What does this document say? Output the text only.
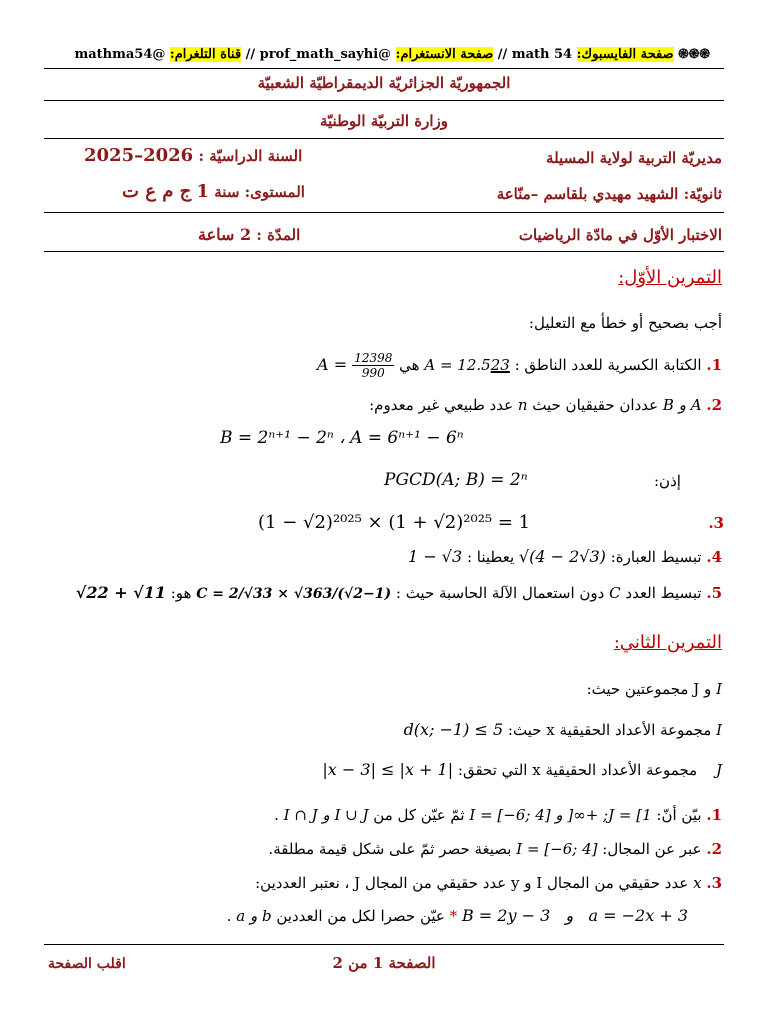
֎֎֎ صفحة الفايسبوك: math 54 // صفحة الانستغرام: @prof_math_sayhi // قناة التلغرام: @mathma54
الجمهوريّة الجزائريّة الديمقراطيّة الشعبيّة
وزارة التربيّة الوطنيّة
مديريّة التربية لولاية المسيلة
السنة الدراسيّة : 2026–2025
ثانويّة: الشهيد مهيدي بلقاسم –منّاعة
المستوى: سنة 1 ج م ع ت
الاختبار الأوّل في مادّة الرياضيات
المدّة : 2 ساعة
التمرين الأوّل:
أجب بصحيح أو خطأ مع التعليل:
1. الكتابة الكسرية للعدد الناطق : A = 12.523 هي $A = \frac{12398}{990}$
2. A و B عددان حقيقيان حيث n عدد طبيعي غير معدوم:
B = 2ⁿ⁺¹ − 2ⁿ ، A = 6ⁿ⁺¹ − 6ⁿ
إذن:
PGCD(A; B) = 2ⁿ
(1 − √2)²⁰²⁵ × (1 + √2)²⁰²⁵ = 1	.3
4. تبسيط العبارة: √(4 − 2√3) يعطينا : 1 − √3
5. تبسيط العدد C دون استعمال الآلة الحاسبة حيث : C = 2/√33 × √363/(√2−1) هو: √22 + √11
التمرين الثاني:
I و J مجموعتين حيث:
I مجموعة الأعداد الحقيقية x حيث: d(x; −1) ≤ 5
J مجموعة الأعداد الحقيقية x التي تحقق: |x − 3| ≤ |x + 1|
1. بيّن أنّ: J = [1; +∞[ و I = [−6; 4] ثمّ عيّن كل من I ∪ J و I ∩ J .
2. عبر عن المجال: I = [−6; 4] بصيغة حصر ثمّ على شكل قيمة مطلقة.
3. x عدد حقيقي من المجال I و y عدد حقيقي من المجال J ، نعتبر العددين:
B = 2y − 3   و   a = −2x + 3 * عيّن حصرا لكل من العددين b و a .
الصفحة 1 من 2
اقلب الصفحة
